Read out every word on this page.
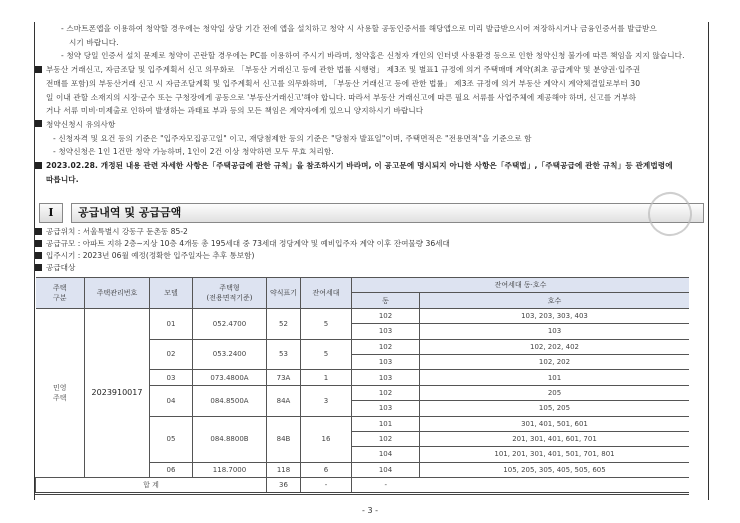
- 스마트폰앱을 이용하여 청약할 경우에는 청약일 상당 기간 전에 앱을 설치하고 청약 시 사용할 공동인증서를 해당앱으로 미리 발급받으시어 저장하시거나 금융인증서를 발급받으
시기 바랍니다.
- 청약 당일 인증서 설치 문제로 청약이 곤란할 경우에는 PC를 이용하여 주시기 바라며, 청약홈은 신청자 개인의 인터넷 사용환경 등으로 인한 청약신청 불가에 따른 책임을 지지 않습니다.
부동산 거래신고, 자금조달 및 입주계획서 신고 의무화로 「부동산 거래신고 등에 관한 법률 시행령」 제3조 및 별표1 규정에 의거 주택매매 계약(최초 공급계약 및 분양권·입주권
전매를 포함)의 부동산거래 신고 시 자금조달계획 및 입주계획서 신고를 의무화하며, 「부동산 거래신고 등에 관한 법률」 제3조 규정에 의거 부동산 계약시 계약체결일로부터 30
일 이내 관할 소재지의 시장·군수 또는 구청장에게 공동으로 '부동산거래신고'해야 합니다. 따라서 부동산 거래신고에 따른 필요 서류를 사업주체에 제공해야 하며, 신고를 거부하
거나 서류 미비·미제출로 인하여 발생하는 과태료 부과 등의 모든 책임은 계약자에게 있으니 양지하시기 바랍니다
청약신청시 유의사항
- 신청자격 및 요건 등의 기준은 "입주자모집공고일" 이고, 재당첨제한 등의 기준은 "당첨자 발표일"이며, 주택면적은 "전용면적"을 기준으로 함
- 청약신청은 1인 1건만 청약 가능하며, 1인이 2건 이상 청약하면 모두 무효 처리함.
2023.02.28. 개정된 내용 관련 자세한 사항은「주택공급에 관한 규칙」을 참조하시기 바라며, 이 공고문에 명시되지 아니한 사항은「주택법」,「주택공급에 관한 규칙」등 관계법령에
따릅니다.
I	공급내역 및 공급금액
공급위치 : 서울특별시 강동구 둔촌동 85-2
공급규모 : 아파트 지하 2층~지상 10층 4개동 총 195세대 중 73세대 정당계약 및 예비입주자 계약 이후 잔여물량 36세대
입주시기 : 2023년 06월 예정(정확한 입주일자는 추후 통보함)
공급대상
주택
구분	주택관리번호	모델	주택형
(전용면적기준)	약식표기	잔여세대	잔여세대 동·호수	
						동	호수
민영
주택	2023910017	01	052.4700	52	5	102	103, 203, 303, 403
						103	103
		02	053.2400	53	5	102	102, 202, 402
						103	102, 202
		03	073.4800A	73A	1	103	101
		04	084.8500A	84A	3	102	205
						103	105, 205
		05	084.8800B	84B	16	101	301, 401, 501, 601
						102	201, 301, 401, 601, 701
						104	101, 201, 301, 401, 501, 701, 801
		06	118.7000	118	6	104	105, 205, 305, 405, 505, 605
합 계				36	-	-	
- 3 -
